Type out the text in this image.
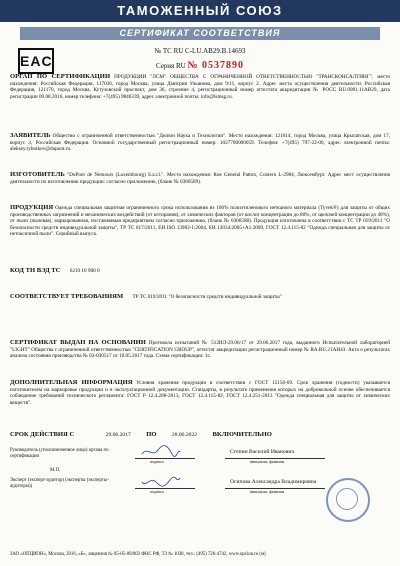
ТАМОЖЕННЫЙ СОЮЗ
СЕРТИФИКАТ СООТВЕТСТВИЯ
EAC
№ ТС RU C-LU.AB29.B.14693
Серия RU № 0537890
ОРГАН ПО СЕРТИФИКАЦИИ ПРОДУКЦИИ "ЛСМ" ОБЩЕСТВА С ОГРАНИЧЕННОЙ ОТВЕТСТВЕННОСТЬЮ "ТРАНСКОНСАЛТИНГ", место нахождения: Российская Федерация, 117036, город Москва, улица Дмитрия Ульянова, дом 9/11, корпус 2. Адрес места осуществления деятельности: Российская Федерация, 121170, город Москва, Кутузовский проспект, дом 36, строение 4, регистрационный номер аттестата аккредитации № РОСС RU.0001.11AB29, дата регистрации 09.08.2016, номер телефона: +7(495) 9846339, адрес электронной почты: info@lsmsg.ru.
ЗАЯВИТЕЛЬ Общество с ограниченной ответственностью "Дюпон Наука и Технологии". Место нахождения: 121614, город Москва, улица Крылатская, дом 17, корпус 3, Российская Федерация. Основной государственный регистрационный номер: 1027700000059. Телефон: +7(495) 797-22-00, адрес электронной почты: aleksey.rybnikov@dupont.ru.
ИЗГОТОВИТЕЛЬ "DuPont de Nemours (Luxembourg) S.a.r.l.". Место нахождения: Rue General Patton, Contern L-2984, Люксембург. Адрес мест осуществления деятельности по изготовлению продукции: согласно приложению, (бланк № 0366589).
ПРОДУКЦИЯ Одежда специальная защитная ограниченного срока использования из 100% полиэтиленового нетканого материала (Tyvek®) для защиты от общих производственных загрязнений и механических воздействий (от истирания), от химических факторов (от кислот концентрации до 80%, от щелочей концентрации до 40%), от пыли (пылевая), маркированная, поставляемая предприятием согласно приложению, (бланк № 0366588). Продукция изготовлена в соответствии с ТС ТР 019/2011 "О безопасности средств индивидуальной защиты", ТР ТС 017/2011, ЕН ISO 13982-1:2004, ЕН 13034:2005+A1:2009, ГОСТ 12.4.115-82 "Одежда специальная для защиты от нетоксичной пыли". Серийный выпуск.
КОД ТН ВЭД ТС 6210 10 980 0
СООТВЕТСТВУЕТ ТРЕБОВАНИЯМ ТР ТС 019/2011 "О безопасности средств индивидуальной защиты"
СЕРТИФИКАТ ВЫДАН НА ОСНОВАНИИ Протокола испытаний № 512ИЛ-29.06/17 от 29.06.2017 года, выданного Испытательной лабораторией "LIGHT" Общества с ограниченной ответственностью "CERTIFICATION GROUP", аттестат аккредитации регистрационный номер № RA.RU.21AH43. Акта о результатах анализа состояния производства № 03-030517 от 10.05.2017 года. Схема сертификации: 1с.
ДОПОЛНИТЕЛЬНАЯ ИНФОРМАЦИЯ Условия хранения продукции в соответствии с ГОСТ 15150-69. Срок хранения (годности) указывается изготовителем на маркировке продукции и в эксплуатационной документации. Стандарты, в результате применения которых на добровольной основе обеспечивается соблюдение требований технического регламента: ГОСТ Р 12.4.288-2013, ГОСТ 12.4.115-82, ГОСТ 12.4.251-2013 "Одежда специальная для защиты от химических веществ".
СРОК ДЕЙСТВИЯ С	29.06.2017 ПО	28.06.2022 ВКЛЮЧИТЕЛЬНО
Руководитель (уполномоченное лицо) органа по сертификации
подпись
Степин Василий Иванович
инициалы, фамилия
М.П.
Эксперт (эксперт-аудитор) (эксперты (эксперты-аудиторы))
подпись
Осипова Александра Владимировна
инициалы, фамилия
ЗАО «ОПЦИОН», Москва, 2016, «Б», лицензия № 05-05-09/003 ФНС РФ, ТЗ № 1038, тел.: (495) 726-4742, www.opcion.ru (м)
